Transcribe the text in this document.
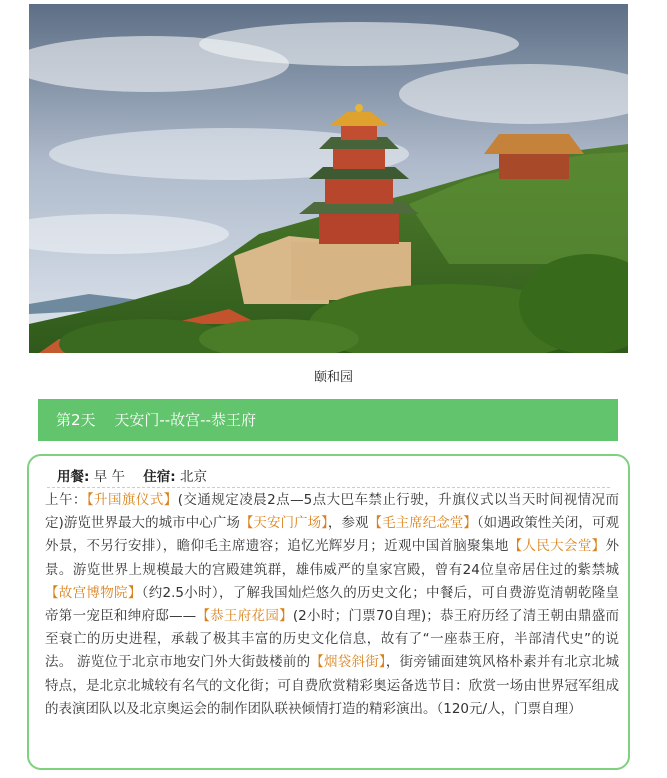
颐和园
第2天 天安门--故宫--恭王府
用餐: 早 午 住宿: 北京
上午：【升国旗仪式】(交通规定凌晨2点—5点大巴车禁止行驶，升旗仪式以当天时间视情况而定)游览世界最大的城市中心广场【天安门广场】，参观【毛主席纪念堂】（如遇政策性关闭，可观外景，不另行安排），瞻仰毛主席遗容；追忆光辉岁月；近观中国首脑聚集地【人民大会堂】外景。游览世界上规模最大的宫殿建筑群，雄伟威严的皇家宫殿，曾有24位皇帝居住过的紫禁城【故宫博物院】（约2.5小时），了解我国灿烂悠久的历史文化；中餐后，可自费游览清朝乾隆皇帝第一宠臣和绅府邸——【恭王府花园】(2小时；门票70自理)；恭王府历经了清王朝由鼎盛而至衰亡的历史进程，承载了极其丰富的历史文化信息，故有了“一座恭王府，半部清代史”的说法。 游览位于北京市地安门外大街鼓楼前的【烟袋斜街】，街旁铺面建筑风格朴素并有北京北城特点，是北京北城较有名气的文化街；可自费欣赏精彩奥运备选节目：欣赏一场由世界冠军组成的表演团队以及北京奥运会的制作团队联袂倾情打造的精彩演出。（120元/人，门票自理）
